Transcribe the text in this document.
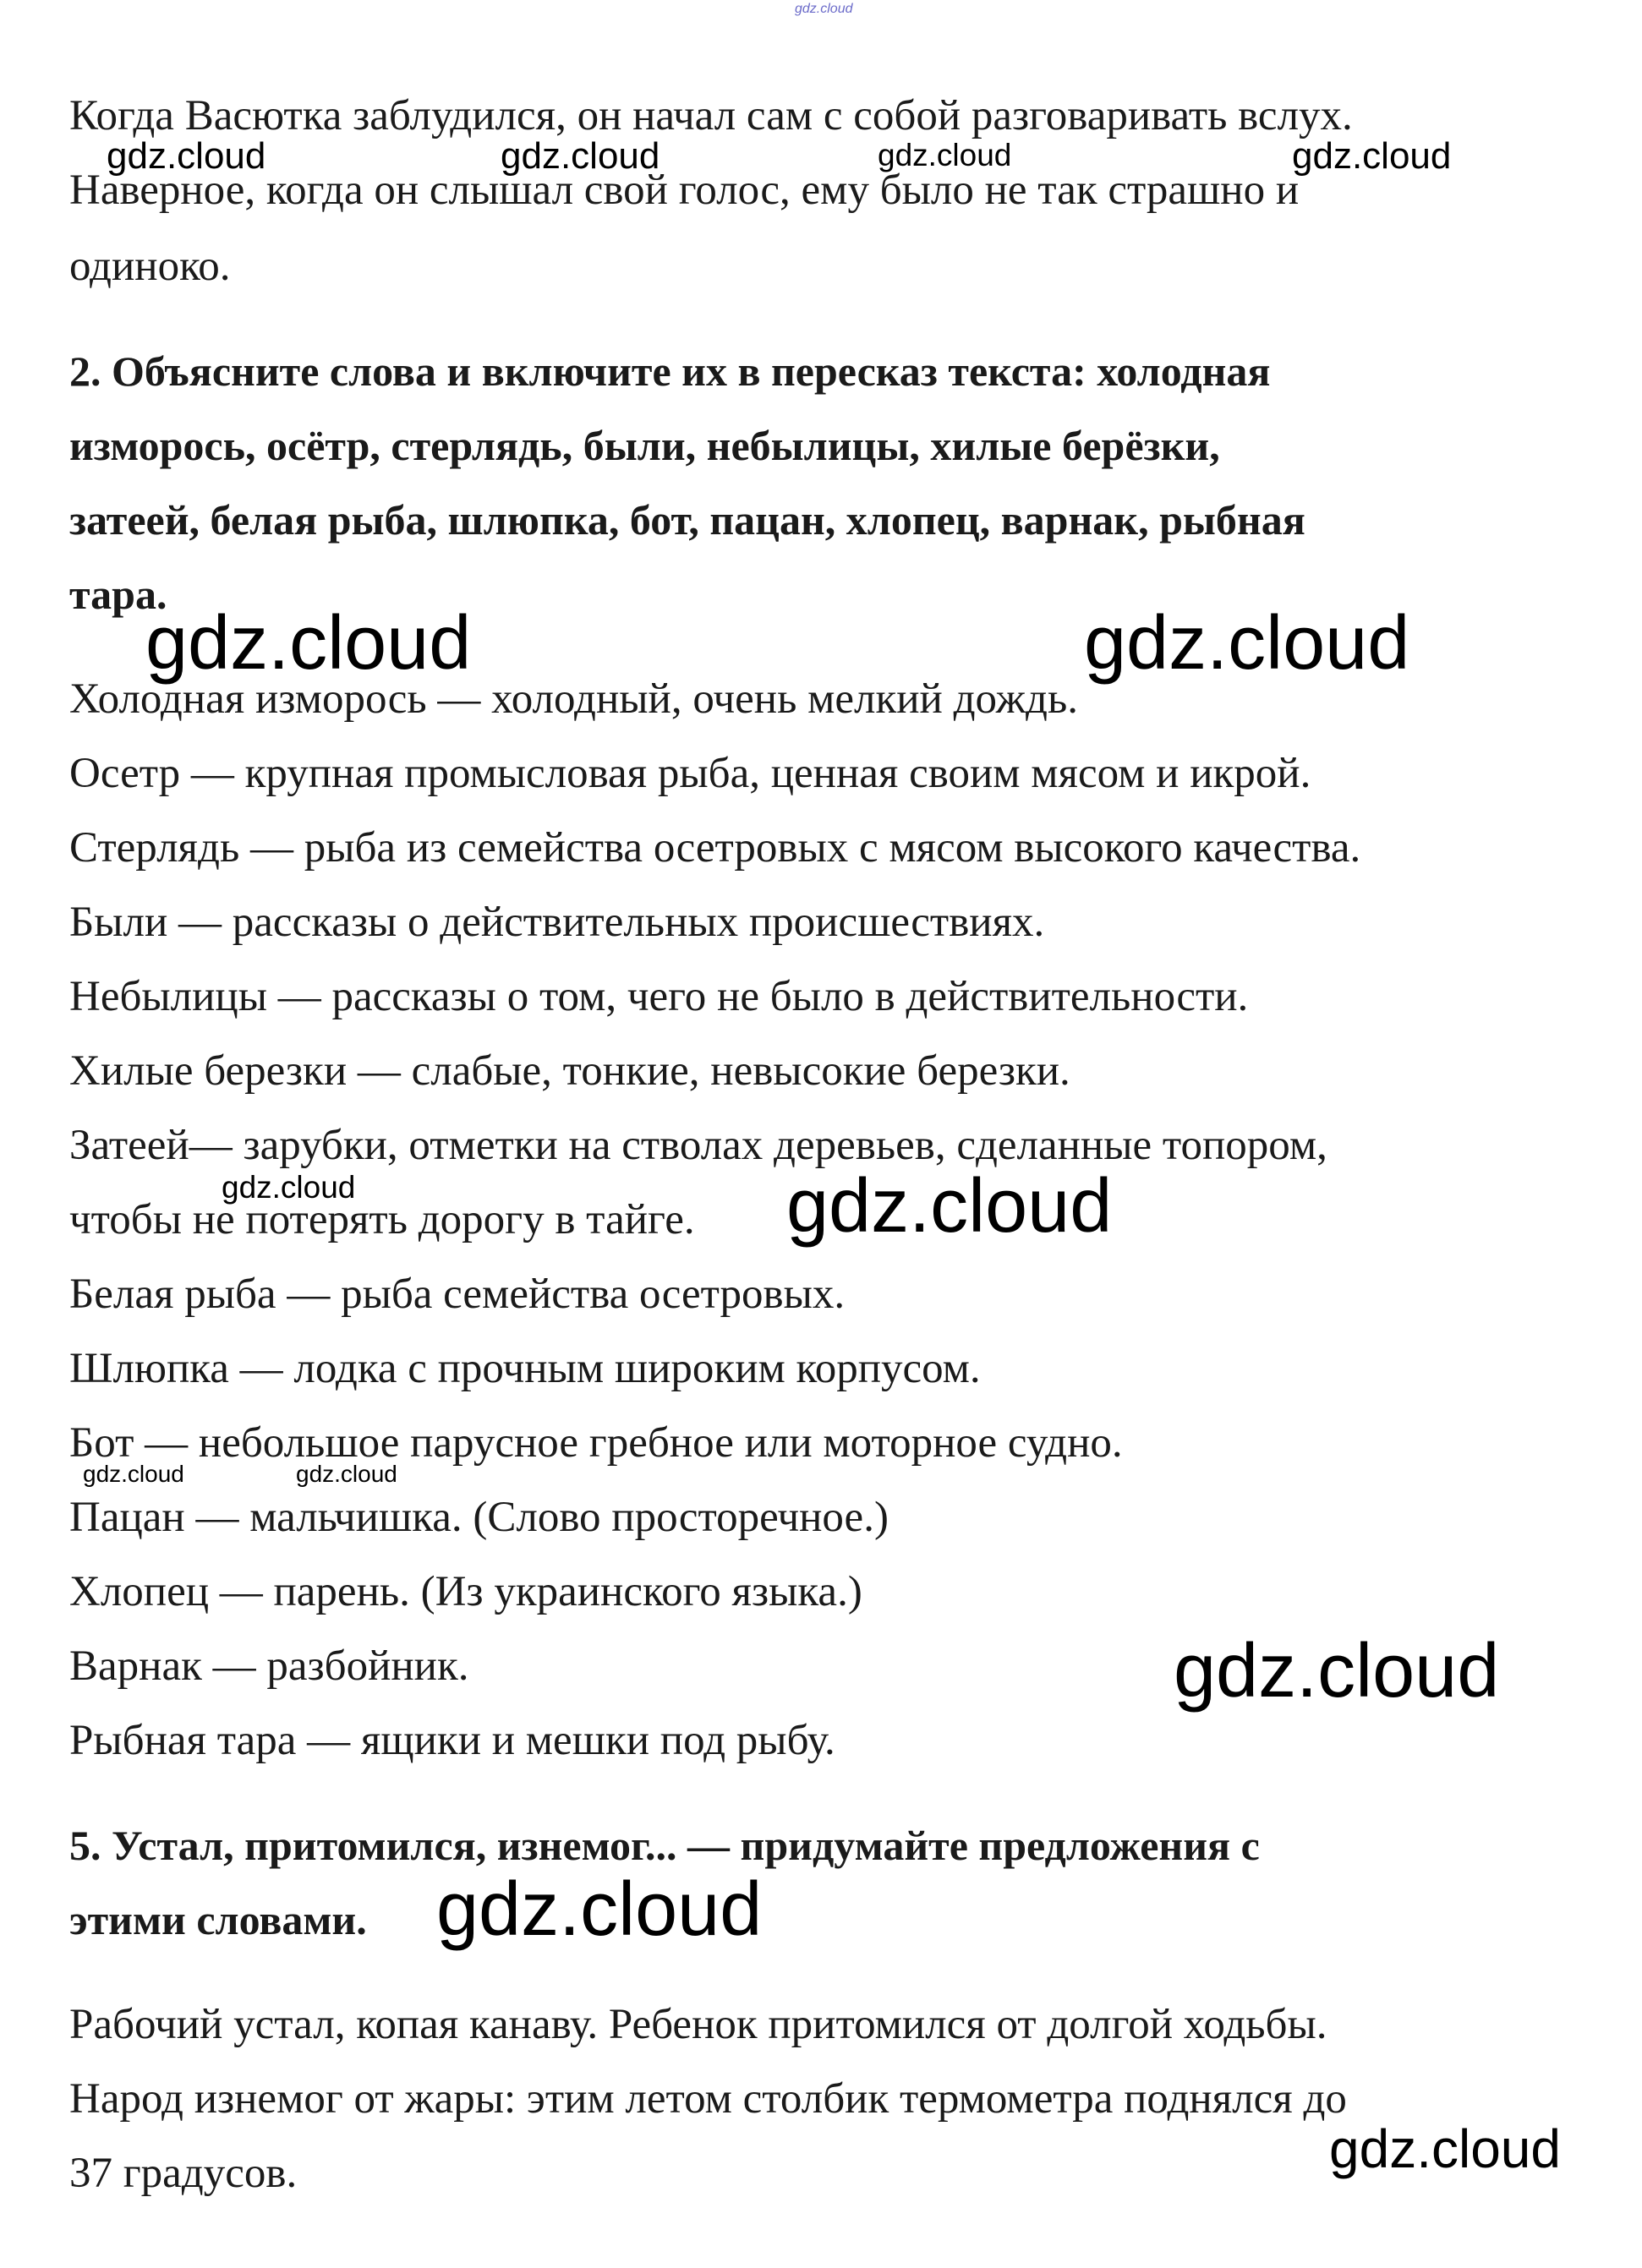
gdz.cloud

Когда Васютка заблудился, он начал сам с собой разговаривать вслух.

Наверное, когда он слышал свой голос, ему было не так страшно и

одиноко.

2. Объясните слова и включите их в пересказ текста: холодная

изморось, осётр, стерлядь, были, небылицы, хилые берёзки,

затеей, белая рыба, шлюпка, бот, пацан, хлопец, варнак, рыбная

тара.

Холодная изморось — холодный, очень мелкий дождь.

Осетр — крупная промысловая рыба, ценная своим мясом и икрой.

Стерлядь — рыба из семейства осетровых с мясом высокого качества.

Были — рассказы о действительных происшествиях.

Небылицы — рассказы о том, чего не было в действительности.

Хилые березки — слабые, тонкие, невысокие березки.

Затеей— зарубки, отметки на стволах деревьев, сделанные топором,

чтобы не потерять дорогу в тайге.

Белая рыба — рыба семейства осетровых.

Шлюпка — лодка с прочным широким корпусом.

Бот — небольшое парусное гребное или моторное судно.

Пацан — мальчишка. (Слово просторечное.)

Хлопец — парень. (Из украинского языка.)

Варнак — разбойник.

Рыбная тара — ящики и мешки под рыбу.

5. Устал, притомился, изнемог... — придумайте предложения с

этими словами.

Рабочий устал, копая канаву. Ребенок притомился от долгой ходьбы.

Народ изнемог от жары: этим летом столбик термометра поднялся до

37 градусов.

gdz.cloud	gdz.cloud	gdz.cloud	gdz.cloud
gdz.cloud	gdz.cloud
gdz.cloud	gdz.cloud
gdz.cloud	gdz.cloud
gdz.cloud
gdz.cloud
gdz.cloud
